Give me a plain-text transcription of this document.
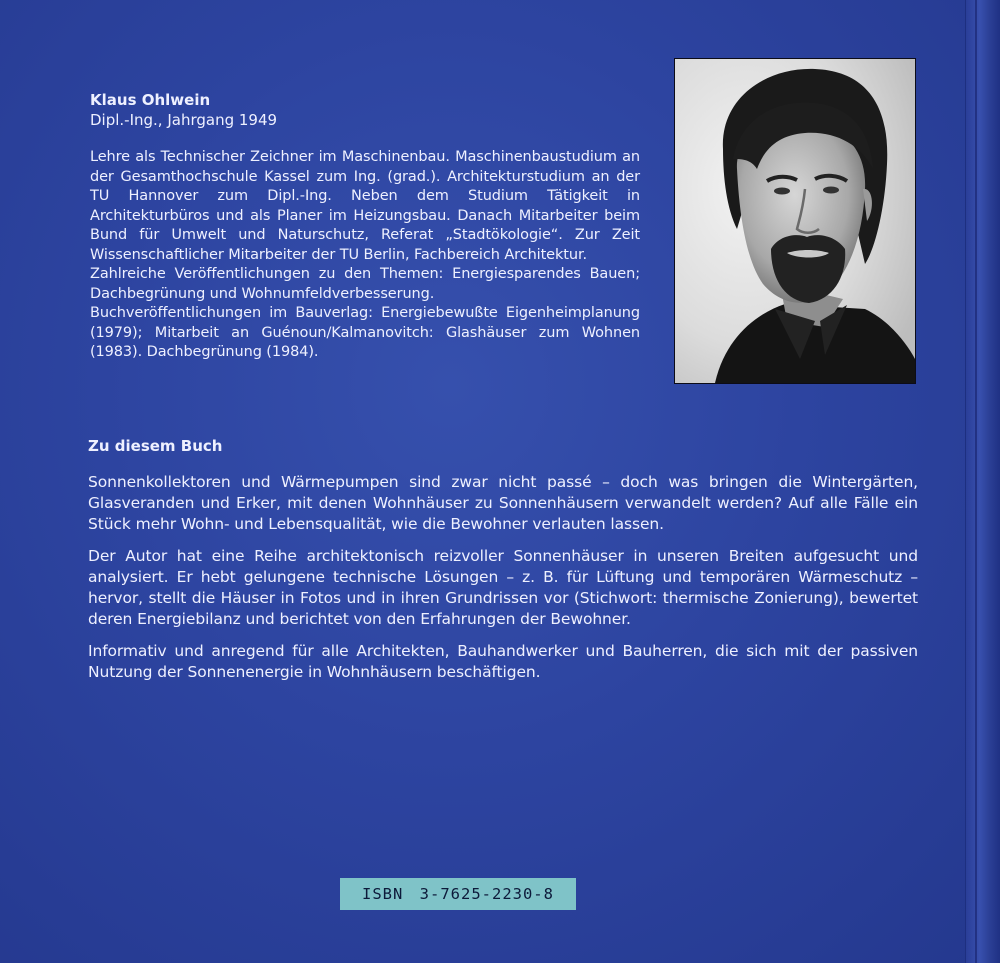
Klaus Ohlwein

Dipl.-Ing., Jahrgang 1949

Lehre als Technischer Zeichner im Maschinenbau. Maschinenbaustudium an der Gesamthochschule Kassel zum Ing. (grad.). Architekturstudium an der TU Hannover zum Dipl.-Ing. Neben dem Studium Tätigkeit in Architekturbüros und als Planer im Heizungsbau. Danach Mitarbeiter beim Bund für Umwelt und Naturschutz, Referat „Stadtökologie“. Zur Zeit Wissenschaftlicher Mitarbeiter der TU Berlin, Fachbereich Architektur.

Zahlreiche Veröffentlichungen zu den Themen: Energiesparendes Bauen; Dachbegrünung und Wohnumfeldverbesserung.

Buchveröffentlichungen im Bauverlag: Energiebewußte Eigenheimplanung (1979); Mitarbeit an Guénoun/Kalmanovitch: Glashäuser zum Wohnen (1983). Dachbegrünung (1984).

Zu diesem Buch

Sonnenkollektoren und Wärmepumpen sind zwar nicht passé – doch was bringen die Wintergärten, Glasveranden und Erker, mit denen Wohnhäuser zu Sonnenhäusern verwandelt werden? Auf alle Fälle ein Stück mehr Wohn- und Lebensqualität, wie die Bewohner verlauten lassen.

Der Autor hat eine Reihe architektonisch reizvoller Sonnenhäuser in unseren Breiten aufgesucht und analysiert. Er hebt gelungene technische Lösungen – z. B. für Lüftung und temporären Wärmeschutz – hervor, stellt die Häuser in Fotos und in ihren Grundrissen vor (Stichwort: thermische Zonierung), bewertet deren Energiebilanz und berichtet von den Erfahrungen der Bewohner.

Informativ und anregend für alle Architekten, Bauhandwerker und Bauherren, die sich mit der passiven Nutzung der Sonnenenergie in Wohnhäusern beschäftigen.

ISBN 3-7625-2230-8
